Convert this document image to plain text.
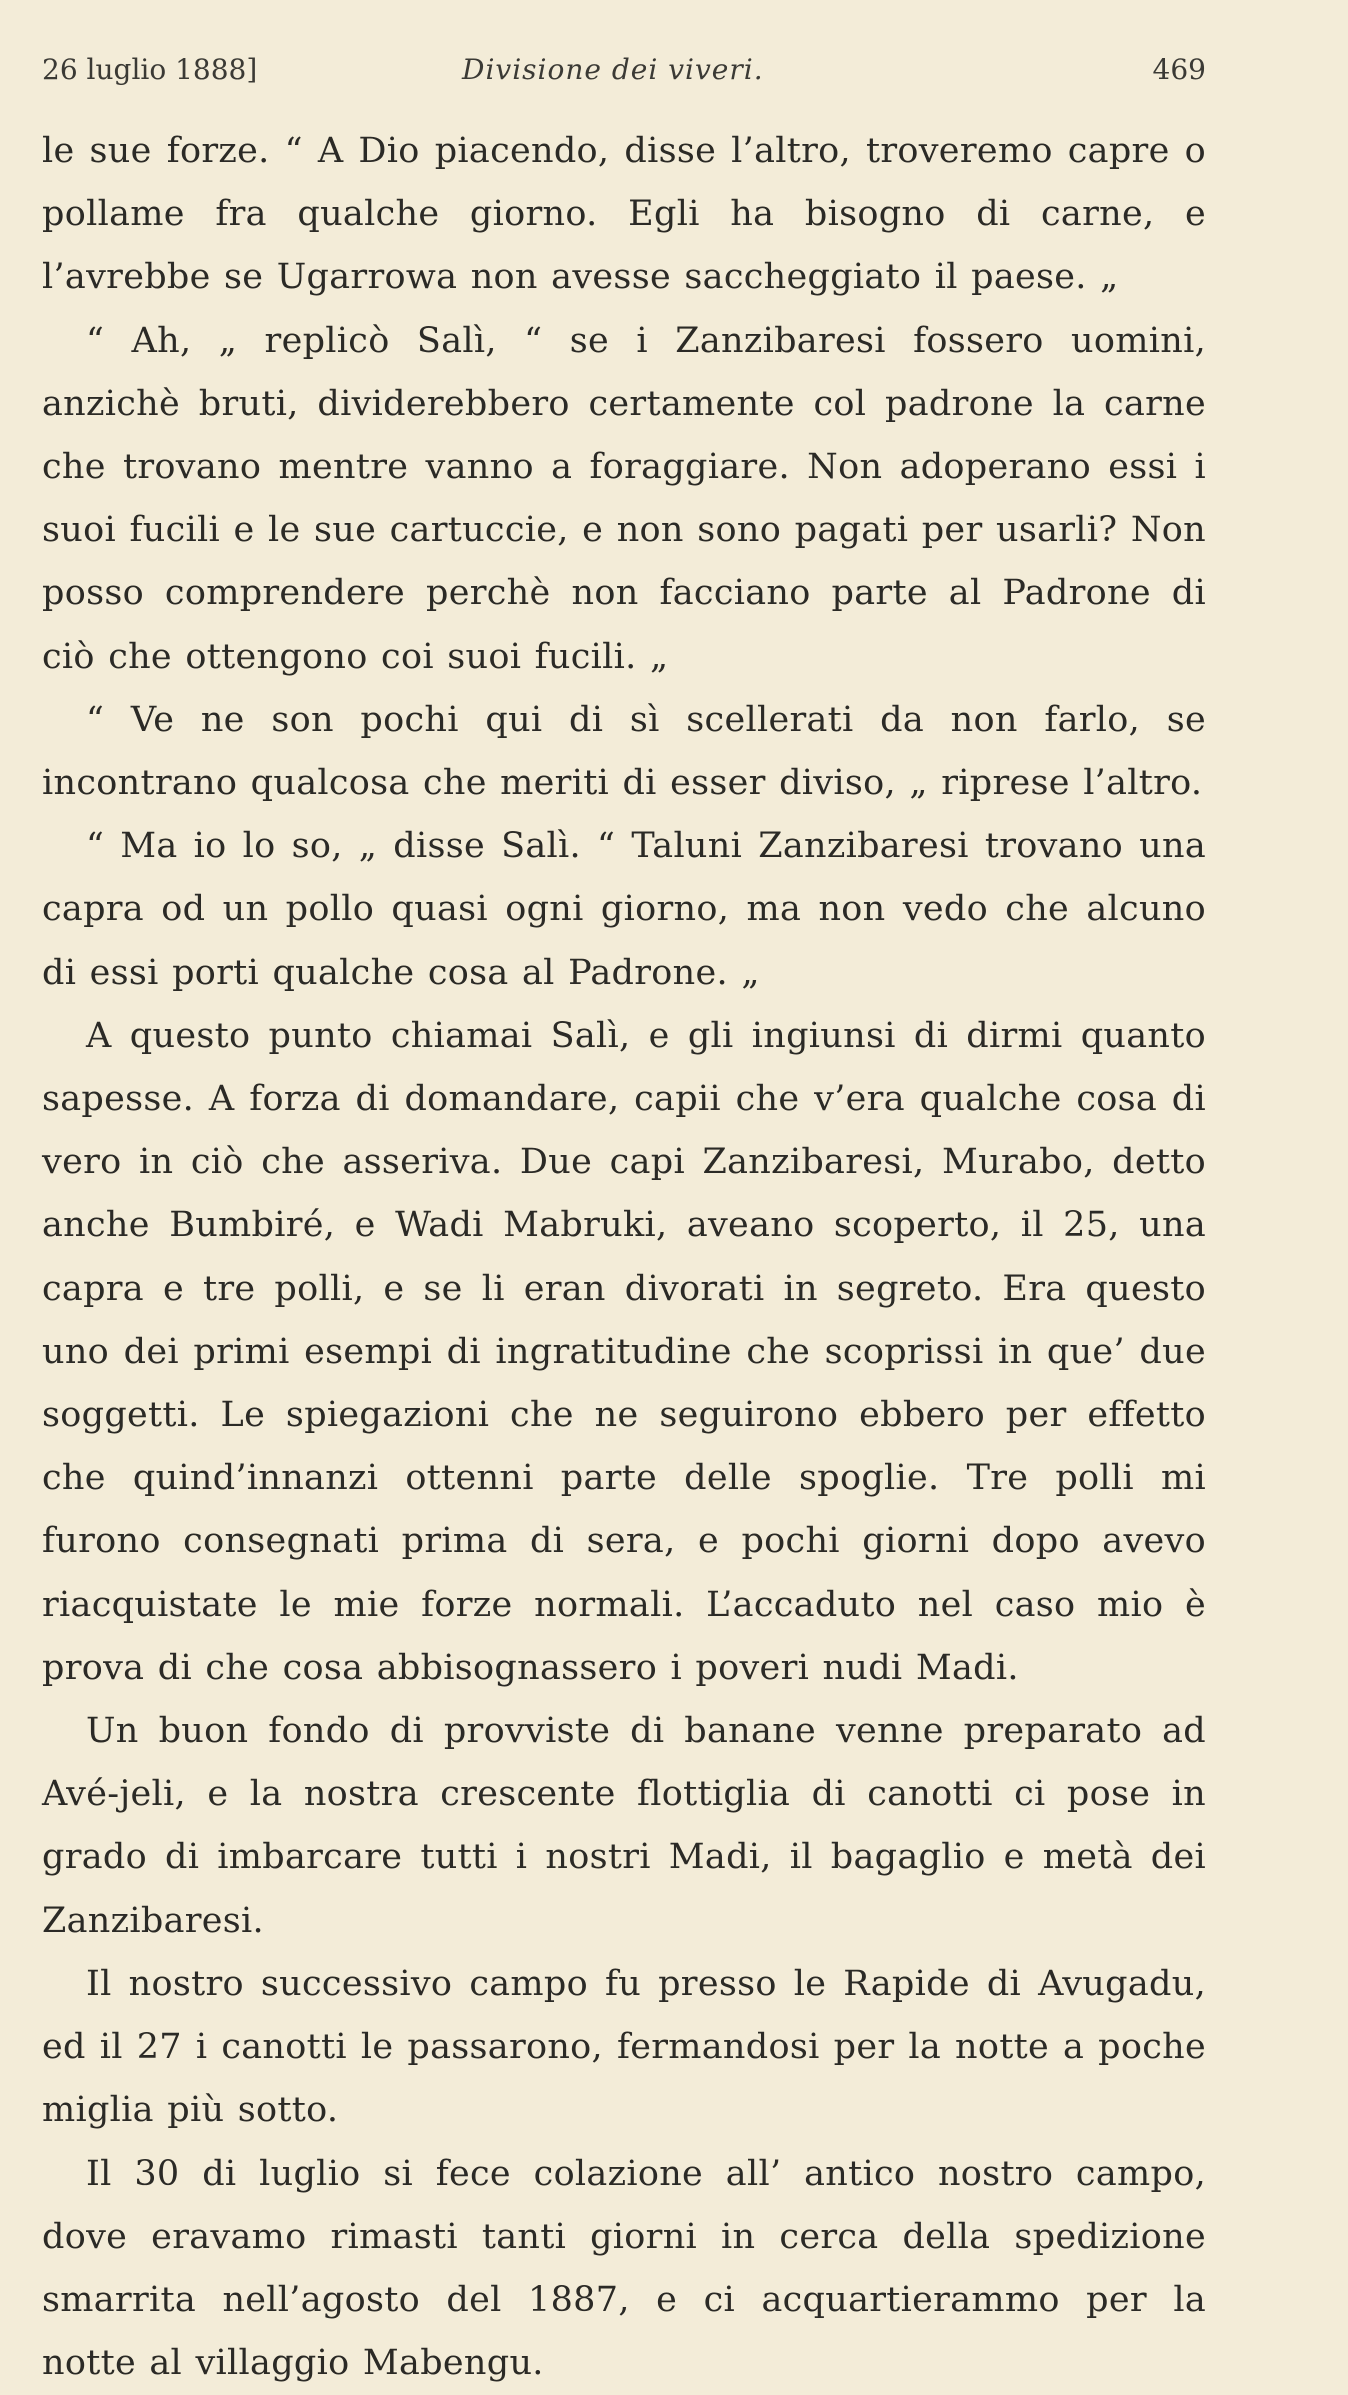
26 luglio 1888]	Divisione dei viveri.	469

le sue forze. “ A Dio piacendo, disse l’altro, troveremo capre o pollame fra qualche giorno. Egli ha bisogno di carne, e l’avrebbe se Ugarrowa non avesse saccheggiato il paese. „

“ Ah, „ replicò Salì, “ se i Zanzibaresi fossero uomini, anzichè bruti, dividerebbero certamente col padrone la carne che trovano mentre vanno a foraggiare. Non adoperano essi i suoi fucili e le sue cartuccie, e non sono pagati per usarli? Non posso comprendere perchè non facciano parte al Padrone di ciò che ottengono coi suoi fucili. „

“ Ve ne son pochi qui di sì scellerati da non farlo, se incontrano qualcosa che meriti di esser diviso, „ riprese l’altro.

“ Ma io lo so, „ disse Salì. “ Taluni Zanzibaresi trovano una capra od un pollo quasi ogni giorno, ma non vedo che alcuno di essi porti qualche cosa al Padrone. „

A questo punto chiamai Salì, e gli ingiunsi di dirmi quanto sapesse. A forza di domandare, capii che v’era qualche cosa di vero in ciò che asseriva. Due capi Zanzibaresi, Murabo, detto anche Bumbiré, e Wadi Mabruki, aveano scoperto, il 25, una capra e tre polli, e se li eran divorati in segreto. Era questo uno dei primi esempi di ingratitudine che scoprissi in que’ due soggetti. Le spiegazioni che ne seguirono ebbero per effetto che quind’innanzi ottenni parte delle spoglie. Tre polli mi furono consegnati prima di sera, e pochi giorni dopo avevo riacquistate le mie forze normali. L’accaduto nel caso mio è prova di che cosa abbisognassero i poveri nudi Madi.

Un buon fondo di provviste di banane venne preparato ad Avé-jeli, e la nostra crescente flottiglia di canotti ci pose in grado di imbarcare tutti i nostri Madi, il bagaglio e metà dei Zanzibaresi.

Il nostro successivo campo fu presso le Rapide di Avugadu, ed il 27 i canotti le passarono, fermandosi per la notte a poche miglia più sotto.

Il 30 di luglio si fece colazione all’ antico nostro campo, dove eravamo rimasti tanti giorni in cerca della spedizione smarrita nell’agosto del 1887, e ci acquartierammo per la notte al villaggio Mabengu.
